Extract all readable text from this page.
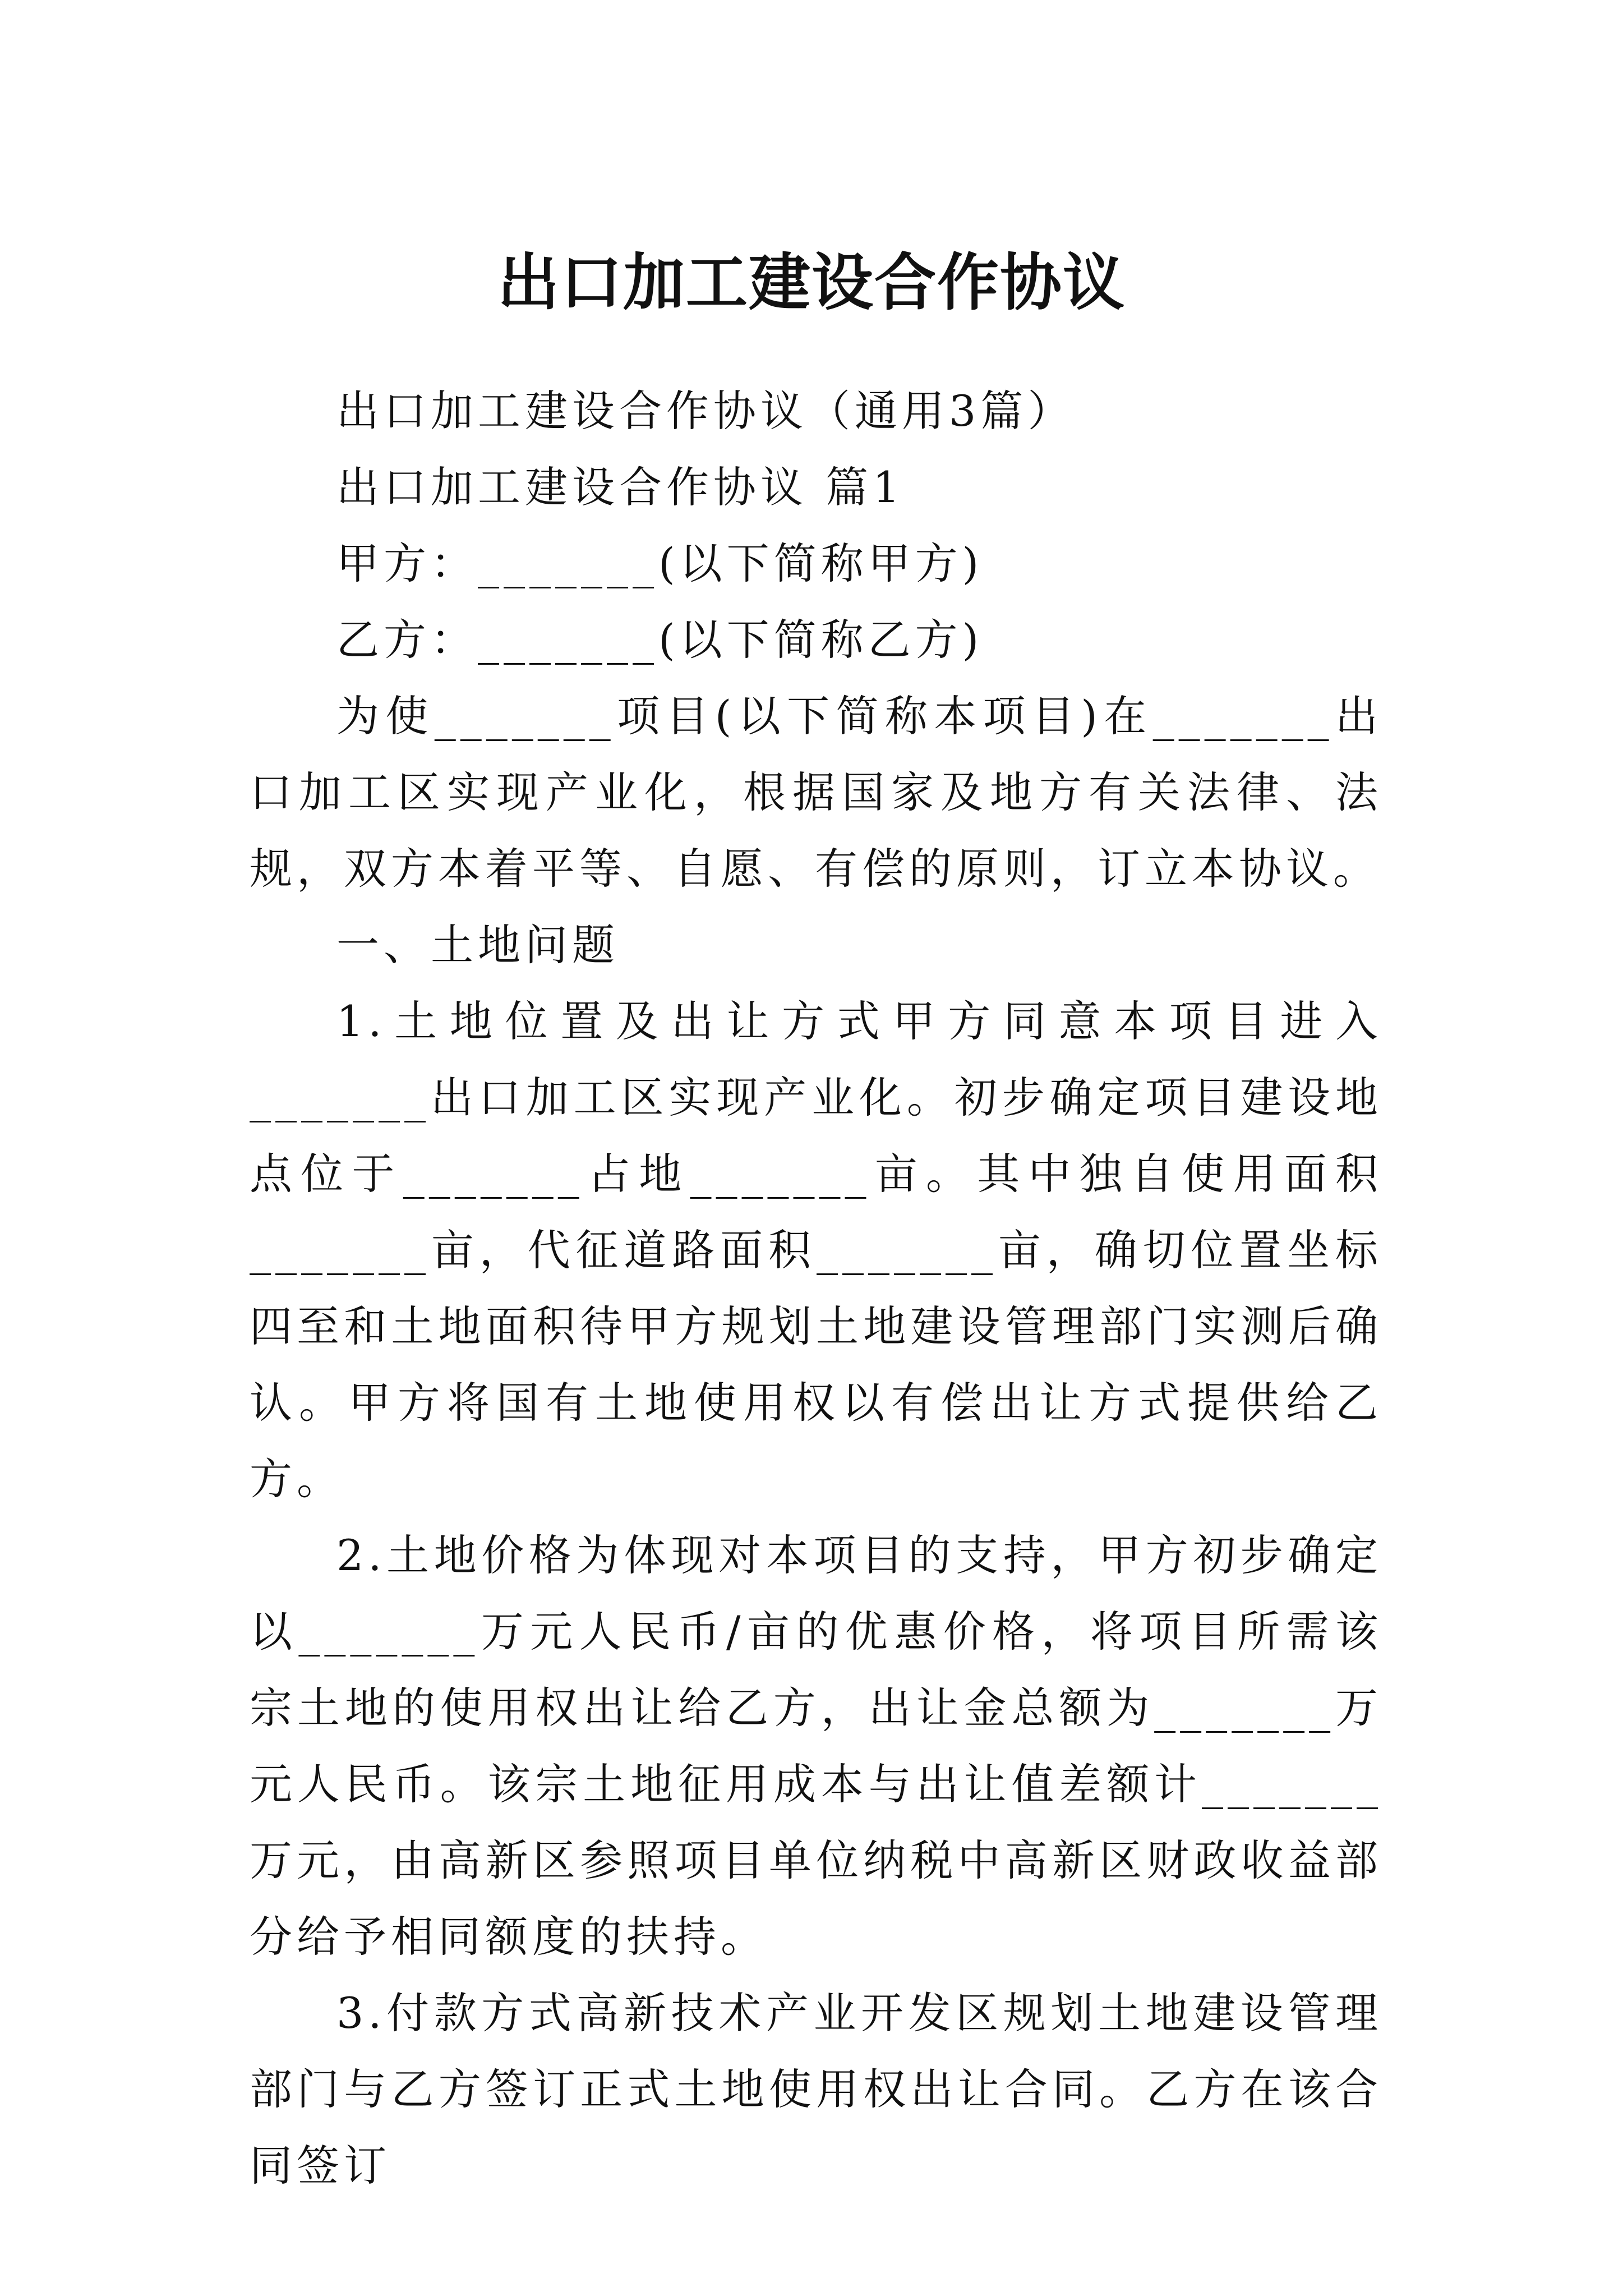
出口加工建设合作协议

出口加工建设合作协议（通用3篇）

出口加工建设合作协议 篇1

甲方：_______(以下简称甲方)

乙方：_______(以下简称乙方)

为使_______项目(以下简称本项目)在_______出口加工区实现产业化，根据国家及地方有关法律、法规，双方本着平等、自愿、有偿的原则，订立本协议。

一、土地问题

1.土地位置及出让方式甲方同意本项目进入_______出口加工区实现产业化。初步确定项目建设地点位于_______占地_______亩。其中独自使用面积_______亩，代征道路面积_______亩，确切位置坐标四至和土地面积待甲方规划土地建设管理部门实测后确认。甲方将国有土地使用权以有偿出让方式提供给乙方。

2.土地价格为体现对本项目的支持，甲方初步确定以_______万元人民币/亩的优惠价格，将项目所需该宗土地的使用权出让给乙方，出让金总额为_______万元人民币。该宗土地征用成本与出让值差额计_______万元，由高新区参照项目单位纳税中高新区财政收益部分给予相同额度的扶持。

3.付款方式高新技术产业开发区规划土地建设管理部门与乙方签订正式土地使用权出让合同。乙方在该合同签订
